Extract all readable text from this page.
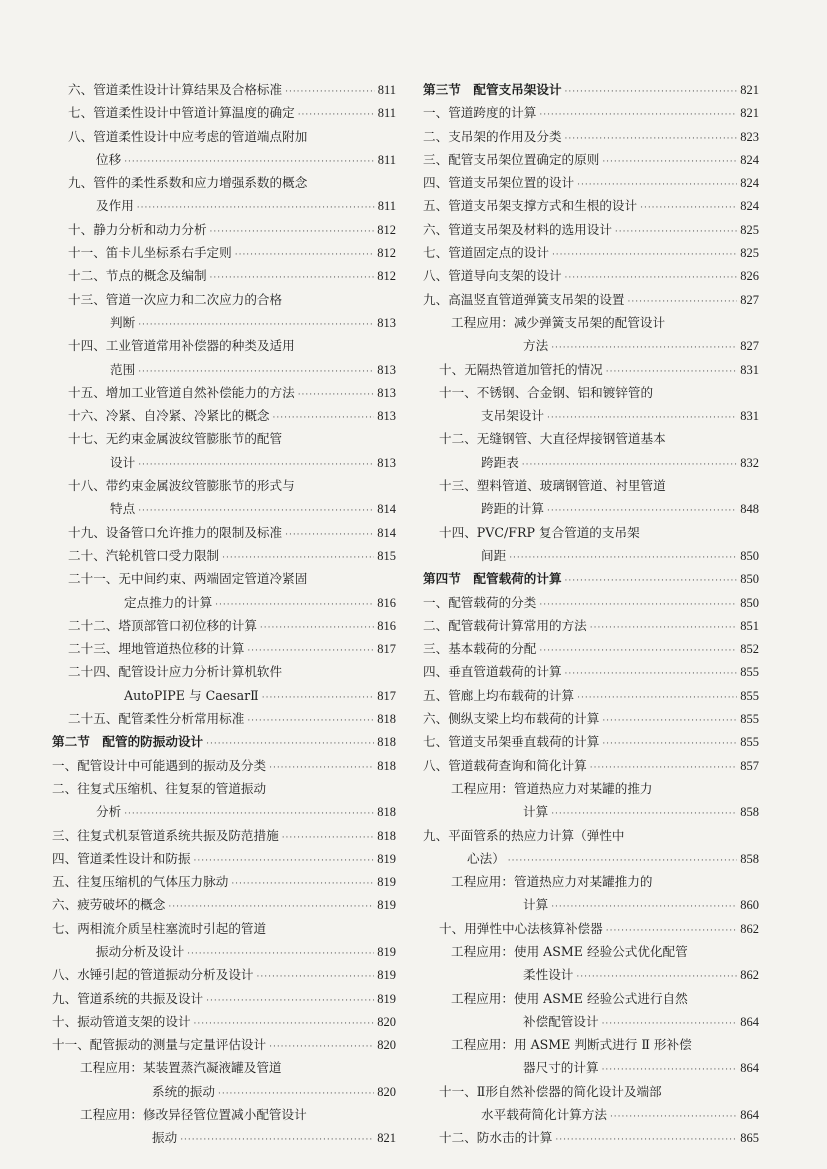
六、管道柔性设计计算结果及合格标准 ·····	811
七、管道柔性设计中管道计算温度的确定 ·····	811
八、管道柔性设计中应考虑的管道端点附加
位移 ·····	811
九、管件的柔性系数和应力增强系数的概念
及作用 ·····	811
十、静力分析和动力分析 ·····	812
十一、笛卡儿坐标系右手定则 ·····	812
十二、节点的概念及编制 ·····	812
十三、管道一次应力和二次应力的合格
判断 ·····	813
十四、工业管道常用补偿器的种类及适用
范围 ·····	813
十五、增加工业管道自然补偿能力的方法 ·····	813
十六、冷紧、自冷紧、冷紧比的概念 ·····	813
十七、无约束金属波纹管膨胀节的配管
设计 ·····	813
十八、带约束金属波纹管膨胀节的形式与
特点 ·····	814
十九、设备管口允许推力的限制及标准 ·····	814
二十、汽轮机管口受力限制 ·····	815
二十一、无中间约束、两端固定管道冷紧固
定点推力的计算 ·····	816
二十二、塔顶部管口初位移的计算 ·····	816
二十三、埋地管道热位移的计算 ·····	817
二十四、配管设计应力分析计算机软件
AutoPIPE 与 CaesarⅡ ·····	817
二十五、配管柔性分析常用标准 ·····	818
第二节　配管的防振动设计 ·····	818
一、配管设计中可能遇到的振动及分类 ·····	818
二、往复式压缩机、往复泵的管道振动
分析 ·····	818
三、往复式机泵管道系统共振及防范措施 ·····	818
四、管道柔性设计和防振 ·····	819
五、往复压缩机的气体压力脉动 ·····	819
六、疲劳破坏的概念 ·····	819
七、两相流介质呈柱塞流时引起的管道
振动分析及设计 ·····	819
八、水锤引起的管道振动分析及设计 ·····	819
九、管道系统的共振及设计 ·····	819
十、振动管道支架的设计 ·····	820
十一、配管振动的测量与定量评估设计 ·····	820
工程应用：某装置蒸汽凝液罐及管道
系统的振动 ·····	820
工程应用：修改异径管位置减小配管设计
振动 ·····	821
第三节　配管支吊架设计 ·····	821
一、管道跨度的计算 ·····	821
二、支吊架的作用及分类 ·····	823
三、配管支吊架位置确定的原则 ·····	824
四、管道支吊架位置的设计 ·····	824
五、管道支吊架支撑方式和生根的设计 ·····	824
六、管道支吊架及材料的选用设计 ·····	825
七、管道固定点的设计 ·····	825
八、管道导向支架的设计 ·····	826
九、高温竖直管道弹簧支吊架的设置 ·····	827
工程应用：减少弹簧支吊架的配管设计
方法 ·····	827
十、无隔热管道加管托的情况 ·····	831
十一、不锈钢、合金钢、铝和镀锌管的
支吊架设计 ·····	831
十二、无缝钢管、大直径焊接钢管道基本
跨距表 ·····	832
十三、塑料管道、玻璃钢管道、衬里管道
跨距的计算 ·····	848
十四、PVC/FRP 复合管道的支吊架
间距 ·····	850
第四节　配管载荷的计算 ·····	850
一、配管载荷的分类 ·····	850
二、配管载荷计算常用的方法 ·····	851
三、基本载荷的分配 ·····	852
四、垂直管道载荷的计算 ·····	855
五、管廊上均布载荷的计算 ·····	855
六、侧纵支梁上均布载荷的计算 ·····	855
七、管道支吊架垂直载荷的计算 ·····	855
八、管道载荷查询和简化计算 ·····	857
工程应用：管道热应力对某罐的推力
计算 ·····	858
九、平面管系的热应力计算（弹性中
心法） ·····	858
工程应用：管道热应力对某罐推力的
计算 ·····	860
十、用弹性中心法核算补偿器 ·····	862
工程应用：使用 ASME 经验公式优化配管
柔性设计 ·····	862
工程应用：使用 ASME 经验公式进行自然
补偿配管设计 ·····	864
工程应用：用 ASME 判断式进行 Ⅱ 形补偿
器尺寸的计算 ·····	864
十一、Ⅱ形自然补偿器的简化设计及端部
水平载荷简化计算方法 ·····	864
十二、防水击的计算 ·····	865
